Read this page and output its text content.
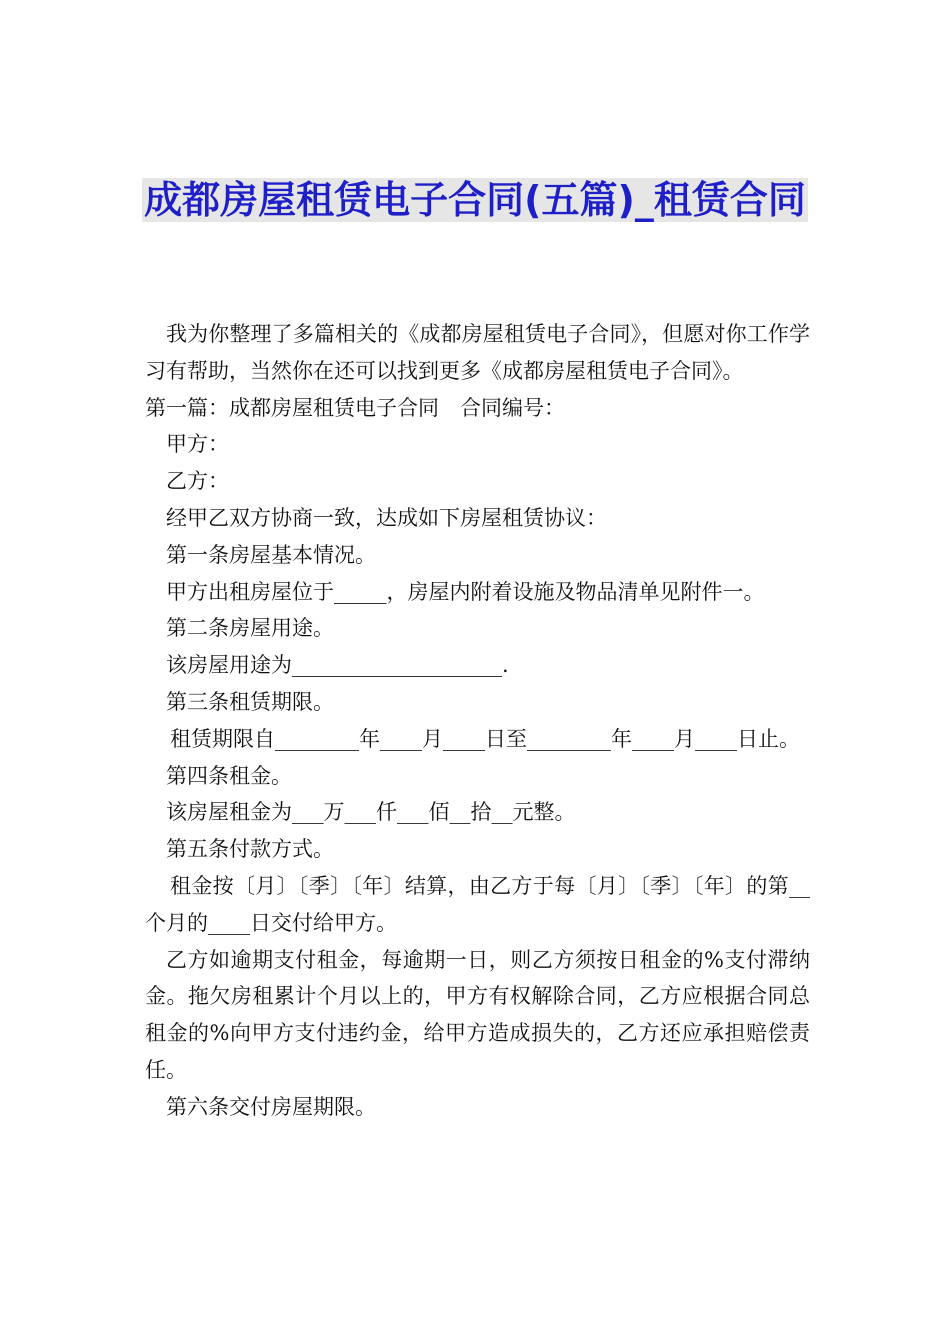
成都房屋租赁电子合同(五篇)_租赁合同

我为你整理了多篇相关的《成都房屋租赁电子合同》，但愿对你工作学习有帮助，当然你在还可以找到更多《成都房屋租赁电子合同》。

第一篇：成都房屋租赁电子合同　合同编号：

甲方：

乙方：

经甲乙双方协商一致，达成如下房屋租赁协议：

第一条房屋基本情况。

甲方出租房屋位于_____，房屋内附着设施及物品清单见附件一。

第二条房屋用途。

该房屋用途为____________________.

第三条租赁期限。

租赁期限自________年____月____日至________年____月____日止。

第四条租金。

该房屋租金为___万___仟___佰__拾__元整。

第五条付款方式。

租金按〔月〕〔季〕〔年〕结算，由乙方于每〔月〕〔季〕〔年〕的第__个月的____日交付给甲方。

乙方如逾期支付租金，每逾期一日，则乙方须按日租金的%支付滞纳金。拖欠房租累计个月以上的，甲方有权解除合同，乙方应根据合同总租金的%向甲方支付违约金，给甲方造成损失的，乙方还应承担赔偿责任。

第六条交付房屋期限。
